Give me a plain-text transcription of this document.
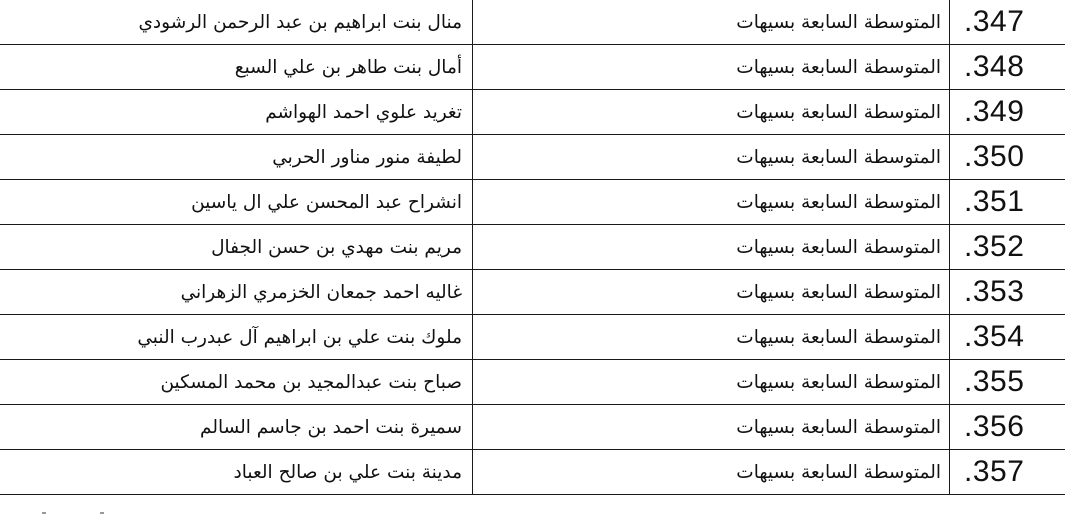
منال بنت ابراهيم بن عبد الرحمن الرشودي	المتوسطة السابعة بسيهات	.347
أمال بنت طاهر بن علي السبع	المتوسطة السابعة بسيهات	.348
تغريد علوي احمد الهواشم	المتوسطة السابعة بسيهات	.349
لطيفة منور مناور الحربي	المتوسطة السابعة بسيهات	.350
انشراح عبد المحسن علي ال ياسين	المتوسطة السابعة بسيهات	.351
مريم بنت مهدي بن حسن الجفال	المتوسطة السابعة بسيهات	.352
غاليه احمد جمعان الخزمري الزهراني	المتوسطة السابعة بسيهات	.353
ملوك بنت علي بن ابراهيم آل عبدرب النبي	المتوسطة السابعة بسيهات	.354
صباح بنت عبدالمجيد بن محمد المسكين	المتوسطة السابعة بسيهات	.355
سميرة بنت احمد بن جاسم السالم	المتوسطة السابعة بسيهات	.356
مدينة بنت علي بن صالح العباد	المتوسطة السابعة بسيهات	.357
